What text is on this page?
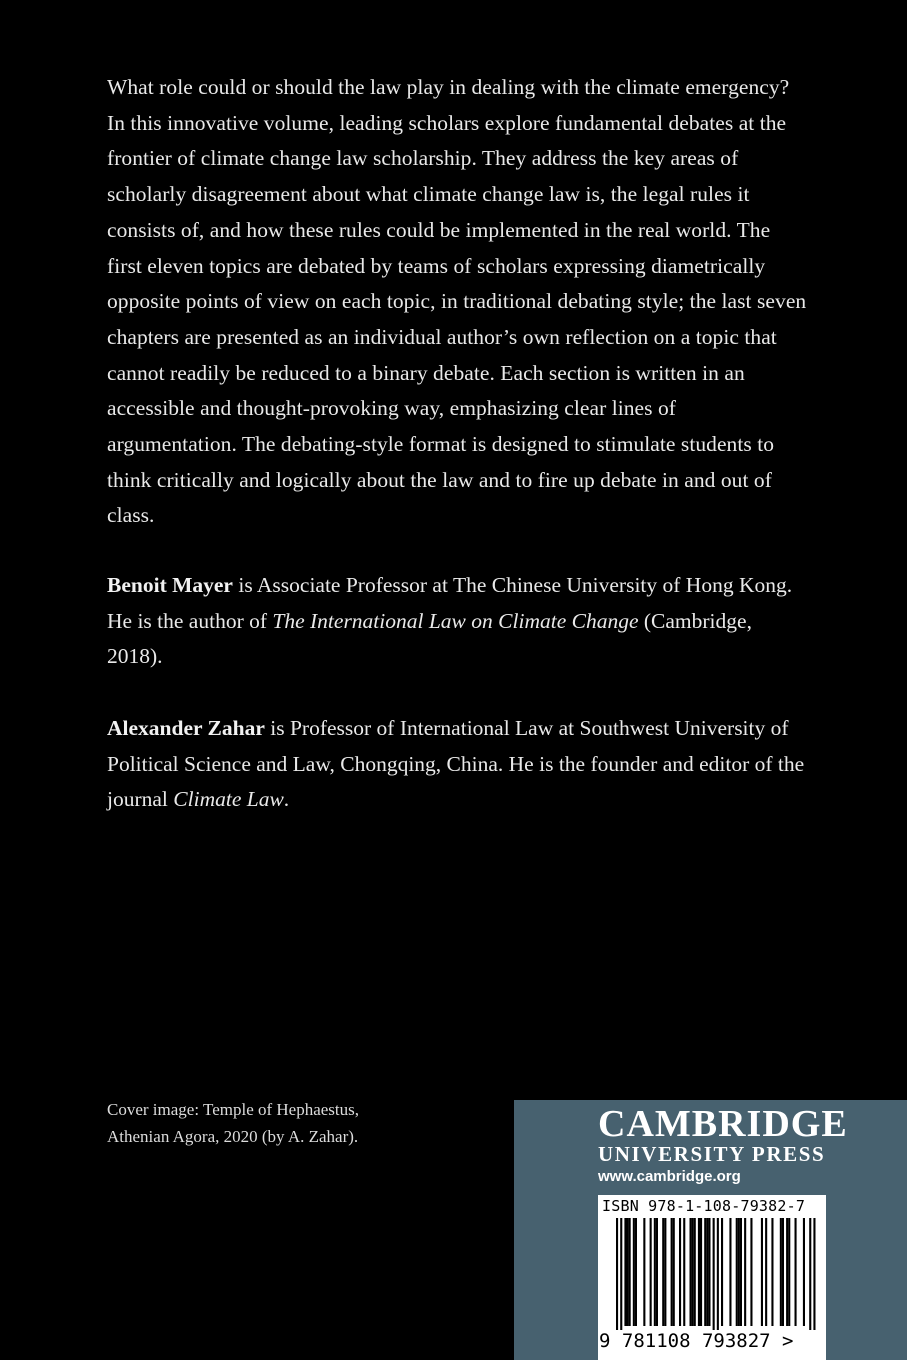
What role could or should the law play in dealing with the climate emergency? In this innovative volume, leading scholars explore fundamental debates at the frontier of climate change law scholarship. They address the key areas of scholarly disagreement about what climate change law is, the legal rules it consists of, and how these rules could be implemented in the real world. The first eleven topics are debated by teams of scholars expressing diametrically opposite points of view on each topic, in traditional debating style; the last seven chapters are presented as an individual author’s own reflection on a topic that cannot readily be reduced to a binary debate. Each section is written in an accessible and thought-provoking way, emphasizing clear lines of argumentation. The debating-style format is designed to stimulate students to think critically and logically about the law and to fire up debate in and out of class.

Benoit Mayer is Associate Professor at The Chinese University of Hong Kong. He is the author of The International Law on Climate Change (Cambridge, 2018).

Alexander Zahar is Professor of International Law at Southwest University of Political Science and Law, Chongqing, China. He is the founder and editor of the journal Climate Law.

Cover image: Temple of Hephaestus,
Athenian Agora, 2020 (by A. Zahar).	CAMBRIDGE
UNIVERSITY PRESS
www.cambridge.org
ISBN 978-1-108-79382-7
9 781108 793827 >
